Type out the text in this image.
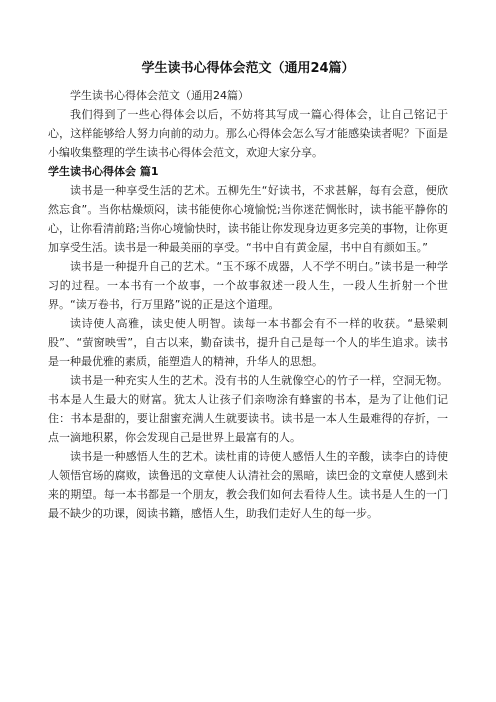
学生读书心得体会范文（通用24篇）

学生读书心得体会范文（通用24篇）

我们得到了一些心得体会以后，不妨将其写成一篇心得体会，让自己铭记于心，这样能够给人努力向前的动力。那么心得体会怎么写才能感染读者呢？下面是小编收集整理的学生读书心得体会范文，欢迎大家分享。

学生读书心得体会 篇1

读书是一种享受生活的艺术。五柳先生“好读书，不求甚解，每有会意，便欣然忘食”。当你枯燥烦闷，读书能使你心境愉悦;当你迷茫惆怅时，读书能平静你的心，让你看清前路;当你心境愉快时，读书能让你发现身边更多完美的事物，让你更加享受生活。读书是一种最美丽的享受。“书中自有黄金屋，书中自有颜如玉。”

读书是一种提升自己的艺术。“玉不琢不成器，人不学不明白。”读书是一种学习的过程。一本书有一个故事，一个故事叙述一段人生，一段人生折射一个世界。“读万卷书，行万里路”说的正是这个道理。

读诗使人高雅，读史使人明智。读每一本书都会有不一样的收获。“悬梁刺股”、“萤窗映雪”，自古以来，勤奋读书，提升自己是每一个人的毕生追求。读书是一种最优雅的素质，能塑造人的精神，升华人的思想。

读书是一种充实人生的艺术。没有书的人生就像空心的竹子一样，空洞无物。书本是人生最大的财富。犹太人让孩子们亲吻涂有蜂蜜的书本，是为了让他们记住：书本是甜的，要让甜蜜充满人生就要读书。读书是一本人生最难得的存折，一点一滴地积累，你会发现自己是世界上最富有的人。

读书是一种感悟人生的艺术。读杜甫的诗使人感悟人生的辛酸，读李白的诗使人领悟官场的腐败，读鲁迅的文章使人认清社会的黑暗，读巴金的文章使人感到未来的期望。每一本书都是一个朋友，教会我们如何去看待人生。读书是人生的一门最不缺少的功课，阅读书籍，感悟人生，助我们走好人生的每一步。
